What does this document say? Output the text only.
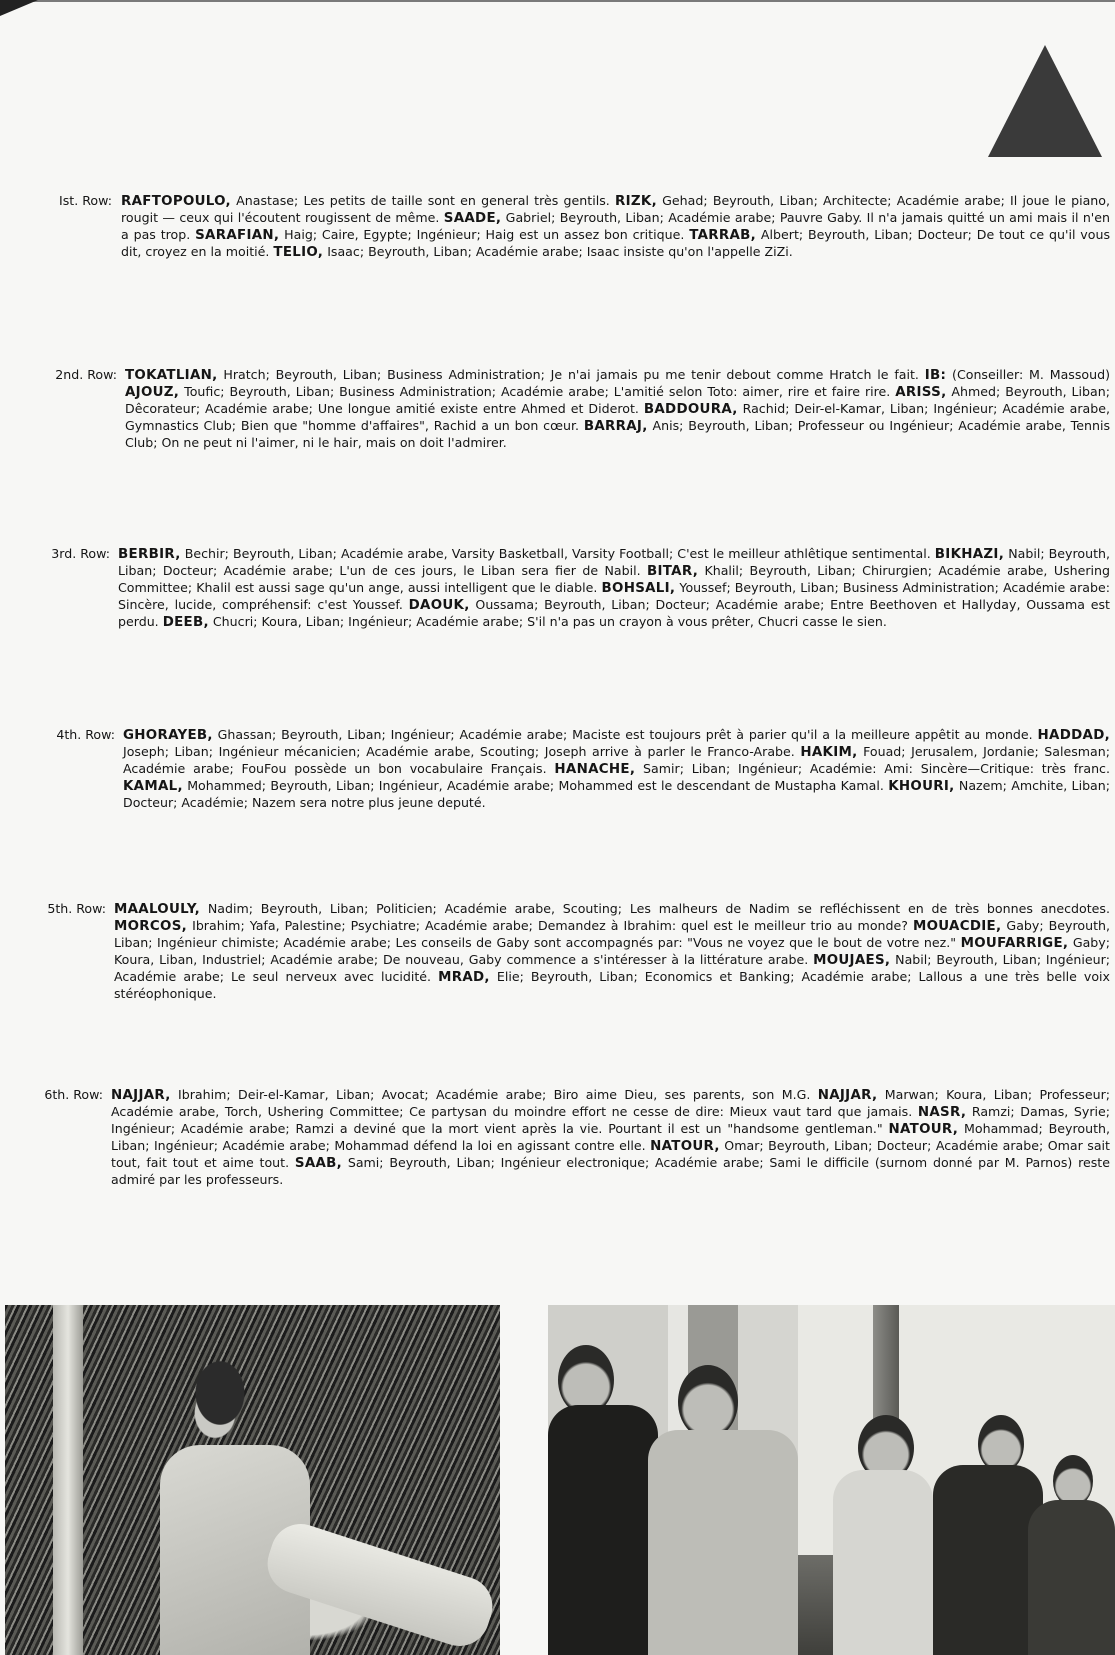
Ist. Row: RAFTOPOULO, Anastase; Les petits de taille sont en general très gentils. RIZK, Gehad; Beyrouth, Liban; Architecte; Académie arabe; Il joue le piano, rougit — ceux qui l'écoutent rougissent de même. SAADE, Gabriel; Beyrouth, Liban; Académie arabe; Pauvre Gaby. Il n'a jamais quitté un ami mais il n'en a pas trop. SARAFIAN, Haig; Caire, Egypte; Ingénieur; Haig est un assez bon critique. TARRAB, Albert; Beyrouth, Liban; Docteur; De tout ce qu'il vous dit, croyez en la moitié. TELIO, Isaac; Beyrouth, Liban; Académie arabe; Isaac insiste qu'on l'appelle ZiZi.
2nd. Row: TOKATLIAN, Hratch; Beyrouth, Liban; Business Administration; Je n'ai jamais pu me tenir debout comme Hratch le fait. IB: (Conseiller: M. Massoud) AJOUZ, Toufic; Beyrouth, Liban; Business Administration; Académie arabe; L'amitié selon Toto: aimer, rire et faire rire. ARISS, Ahmed; Beyrouth, Liban; Dêcorateur; Académie arabe; Une longue amitié existe entre Ahmed et Diderot. BADDOURA, Rachid; Deir-el-Kamar, Liban; Ingénieur; Académie arabe, Gymnastics Club; Bien que "homme d'affaires", Rachid a un bon cœur. BARRAJ, Anis; Beyrouth, Liban; Professeur ou Ingénieur; Académie arabe, Tennis Club; On ne peut ni l'aimer, ni le hair, mais on doit l'admirer.
3rd. Row: BERBIR, Bechir; Beyrouth, Liban; Académie arabe, Varsity Basketball, Varsity Football; C'est le meilleur athlêtique sentimental. BIKHAZI, Nabil; Beyrouth, Liban; Docteur; Académie arabe; L'un de ces jours, le Liban sera fier de Nabil. BITAR, Khalil; Beyrouth, Liban; Chirurgien; Académie arabe, Ushering Committee; Khalil est aussi sage qu'un ange, aussi intelligent que le diable. BOHSALI, Youssef; Beyrouth, Liban; Business Administration; Académie arabe: Sincère, lucide, compréhensif: c'est Youssef. DAOUK, Oussama; Beyrouth, Liban; Docteur; Académie arabe; Entre Beethoven et Hallyday, Oussama est perdu. DEEB, Chucri; Koura, Liban; Ingénieur; Académie arabe; S'il n'a pas un crayon à vous prêter, Chucri casse le sien.
4th. Row: GHORAYEB, Ghassan; Beyrouth, Liban; Ingénieur; Académie arabe; Maciste est toujours prêt à parier qu'il a la meilleure appêtit au monde. HADDAD, Joseph; Liban; Ingénieur mécanicien; Académie arabe, Scouting; Joseph arrive à parler le Franco-Arabe. HAKIM, Fouad; Jerusalem, Jordanie; Salesman; Académie arabe; FouFou possède un bon vocabulaire Français. HANACHE, Samir; Liban; Ingénieur; Académie: Ami: Sincère—Critique: très franc. KAMAL, Mohammed; Beyrouth, Liban; Ingénieur, Académie arabe; Mohammed est le descendant de Mustapha Kamal. KHOURI, Nazem; Amchite, Liban; Docteur; Académie; Nazem sera notre plus jeune deputé.
5th. Row: MAALOULY, Nadim; Beyrouth, Liban; Politicien; Académie arabe, Scouting; Les malheurs de Nadim se refléchissent en de très bonnes anecdotes. MORCOS, Ibrahim; Yafa, Palestine; Psychiatre; Académie arabe; Demandez à Ibrahim: quel est le meilleur trio au monde? MOUACDIE, Gaby; Beyrouth, Liban; Ingénieur chimiste; Académie arabe; Les conseils de Gaby sont accompagnés par: "Vous ne voyez que le bout de votre nez." MOUFARRIGE, Gaby; Koura, Liban, Industriel; Académie arabe; De nouveau, Gaby commence a s'intéresser à la littérature arabe. MOUJAES, Nabil; Beyrouth, Liban; Ingénieur; Académie arabe; Le seul nerveux avec lucidité. MRAD, Elie; Beyrouth, Liban; Economics et Banking; Académie arabe; Lallous a une très belle voix stéréophonique.
6th. Row: NAJJAR, Ibrahim; Deir-el-Kamar, Liban; Avocat; Académie arabe; Biro aime Dieu, ses parents, son M.G. NAJJAR, Marwan; Koura, Liban; Professeur; Académie arabe, Torch, Ushering Committee; Ce partysan du moindre effort ne cesse de dire: Mieux vaut tard que jamais. NASR, Ramzi; Damas, Syrie; Ingénieur; Académie arabe; Ramzi a deviné que la mort vient après la vie. Pourtant il est un "handsome gentleman." NATOUR, Mohammad; Beyrouth, Liban; Ingénieur; Académie arabe; Mohammad défend la loi en agissant contre elle. NATOUR, Omar; Beyrouth, Liban; Docteur; Académie arabe; Omar sait tout, fait tout et aime tout. SAAB, Sami; Beyrouth, Liban; Ingénieur electronique; Académie arabe; Sami le difficile (surnom donné par M. Parnos) reste admiré par les professeurs.
